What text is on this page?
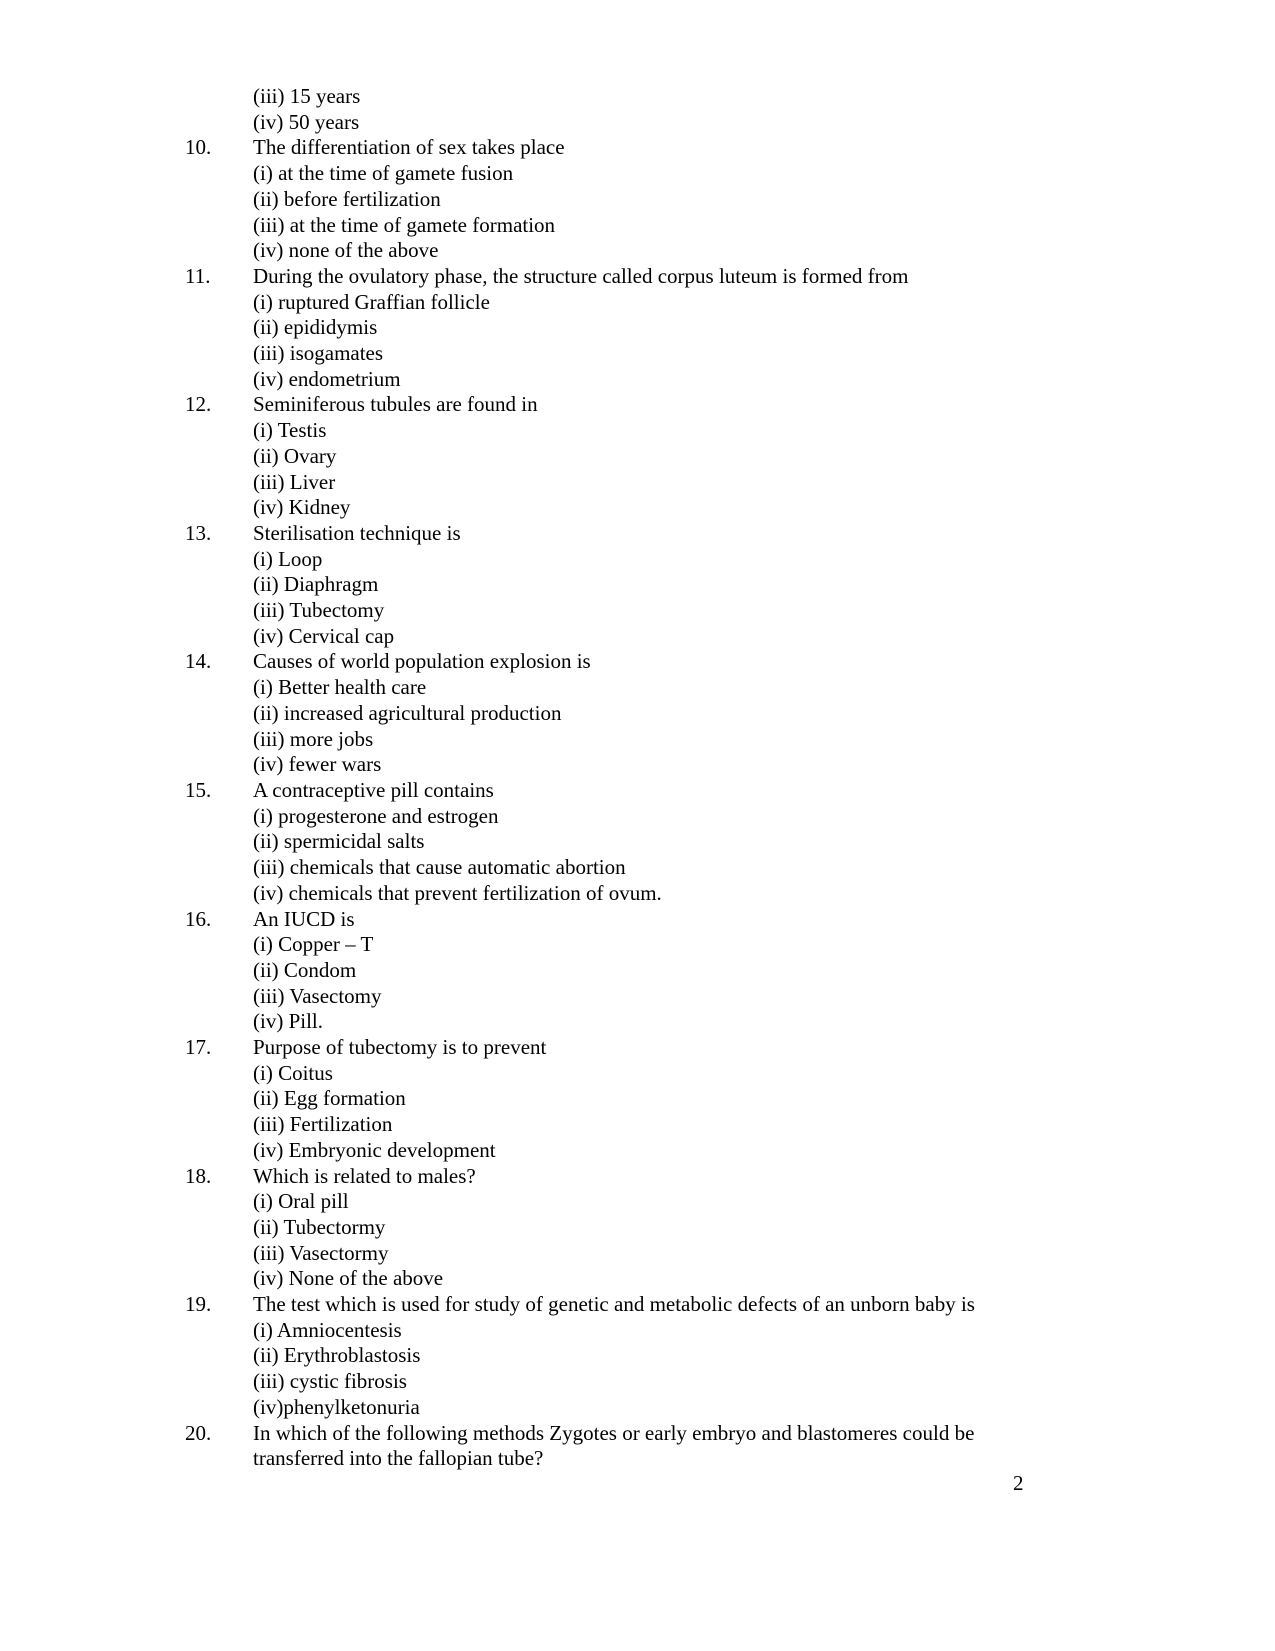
(iii) 15 years
(iv) 50 years
10.	The differentiation of sex takes place
(i) at the time of gamete fusion
(ii) before fertilization
(iii) at the time of gamete formation
(iv) none of the above
11.	During the ovulatory phase, the structure called corpus luteum is formed from
(i) ruptured Graffian follicle
(ii) epididymis
(iii) isogamates
(iv) endometrium
12.	Seminiferous tubules are found in
(i) Testis
(ii) Ovary
(iii) Liver
(iv) Kidney
13.	Sterilisation technique is
(i) Loop
(ii) Diaphragm
(iii) Tubectomy
(iv) Cervical cap
14.	Causes of world population explosion is
(i) Better health care
(ii) increased agricultural production
(iii) more jobs
(iv) fewer wars
15.	A contraceptive pill contains
(i) progesterone and estrogen
(ii) spermicidal salts
(iii) chemicals that cause automatic abortion
(iv) chemicals that prevent fertilization of ovum.
16.	An IUCD is
(i) Copper – T
(ii) Condom
(iii) Vasectomy
(iv) Pill.
17.	Purpose of tubectomy is to prevent
(i) Coitus
(ii) Egg formation
(iii) Fertilization
(iv) Embryonic development
18.	Which is related to males?
(i) Oral pill
(ii) Tubectormy
(iii) Vasectormy
(iv) None of the above
19.	The test which is used for study of genetic and metabolic defects of an unborn baby is
(i) Amniocentesis
(ii) Erythroblastosis
(iii) cystic fibrosis
(iv)phenylketonuria
20.	In which of the following methods Zygotes or early embryo and blastomeres could be transferred into the fallopian tube?
2
